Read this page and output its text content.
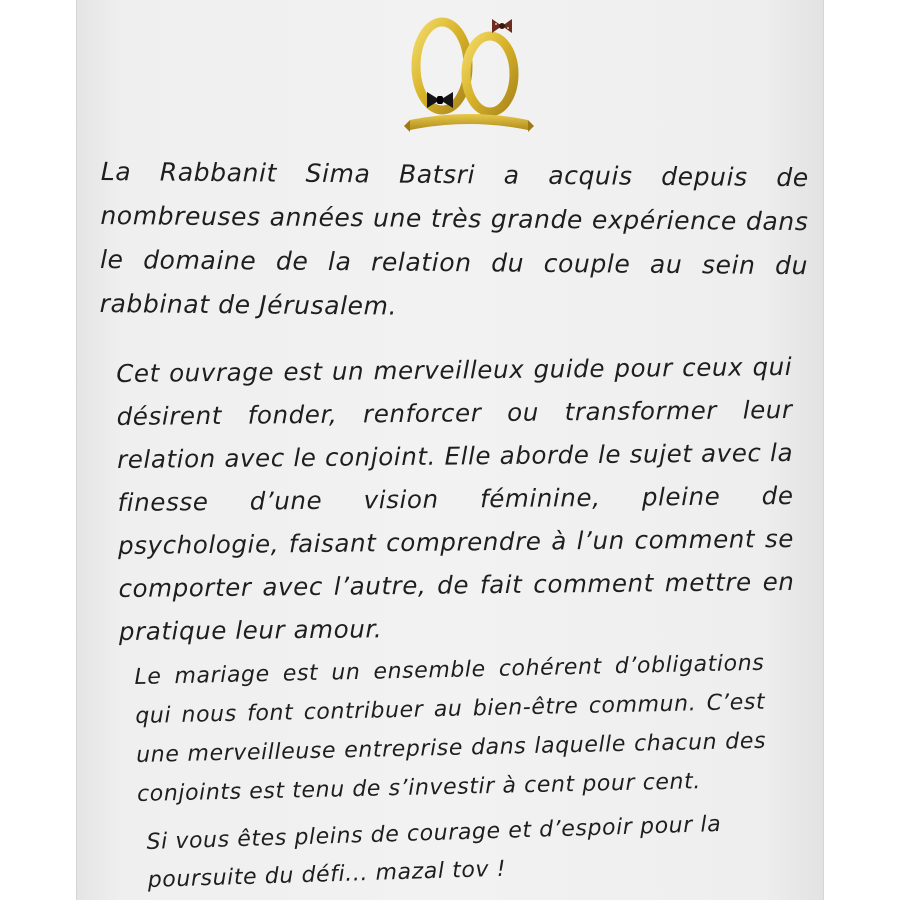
La Rabbanit Sima Batsri a acquis depuis de nombreuses années une très grande expérience dans le domaine de la relation du couple au sein du rabbinat de Jérusalem.

Cet ouvrage est un merveilleux guide pour ceux qui désirent fonder, renforcer ou transformer leur relation avec le conjoint. Elle aborde le sujet avec la finesse d’une vision féminine, pleine de psychologie, faisant comprendre à l’un comment se comporter avec l’autre, de fait comment mettre en pratique leur amour.

Le mariage est un ensemble cohérent d’obligations qui nous font contribuer au bien-être commun. C’est une merveilleuse entreprise dans laquelle chacun des conjoints est tenu de s’investir à cent pour cent.

Si vous êtes pleins de courage et d’espoir pour la poursuite du défi... mazal tov !
